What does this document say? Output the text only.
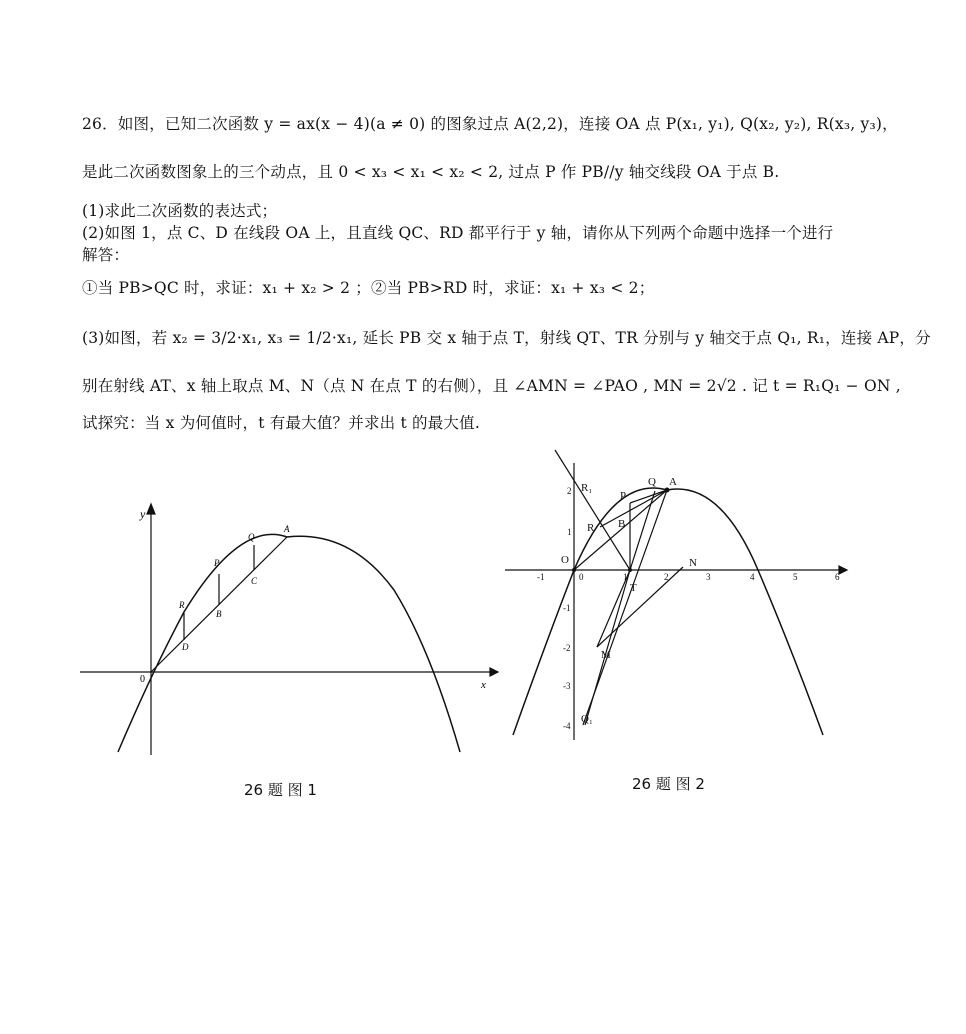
26．如图，已知二次函数 y = ax(x − 4)(a ≠ 0) 的图象过点 A(2,2)，连接 OA 点 P(x₁, y₁), Q(x₂, y₂), R(x₃, y₃)，
是此二次函数图象上的三个动点，且 0 < x₃ < x₁ < x₂ < 2, 过点 P 作 PB//y 轴交线段 OA 于点 B.
(1)求此二次函数的表达式；
(2)如图 1，点 C、D 在线段 OA 上，且直线 QC、RD 都平行于 y 轴，请你从下列两个命题中选择一个进行
解答：
①当 PB>QC 时，求证：x₁ + x₂ > 2 ；②当 PB>RD 时，求证：x₁ + x₃ < 2；
(3)如图，若 x₂ = 3/2·x₁, x₃ = 1/2·x₁, 延长 PB 交 x 轴于点 T，射线 QT、TR 分别与 y 轴交于点 Q₁, R₁，连接 AP，分
别在射线 AT、x 轴上取点 M、N（点 N 在点 T 的右侧），且 ∠AMN = ∠PAO , MN = 2√2 . 记 t = R₁Q₁ − ON ,
试探究：当 x 为何值时，t 有最大值？并求出 t 的最大值.
y
x
0
A
Q
P
R
B
C
D
26 题 图 1
-1	0	1	2	3	4	5	6
2
1
-1
-2
-3
-4
R₁
P
Q A
R B
O	N
T
M
Q₁
26 题 图 2
